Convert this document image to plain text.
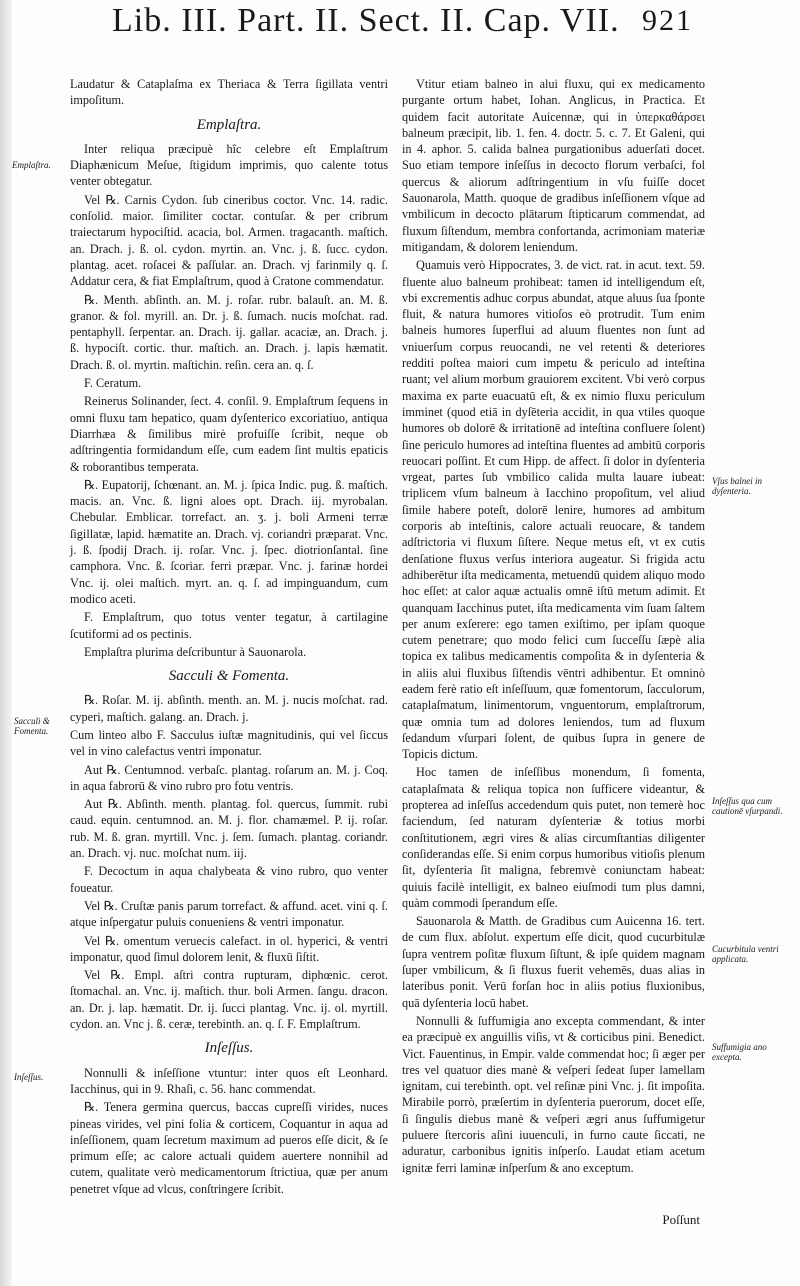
Lib. III. Part. II. Sect. II. Cap. VII. 921

Laudatur & Cataplaſma ex Theriaca & Terra ſigillata ventri impoſitum.

Emplaſtra.

Inter reliqua præcipuè hîc celebre eſt Emplaſtrum Diaphænicum Meſue, ſtigidum imprimis, quo calente totus venter obtegatur.

Vel ℞. Carnis Cydon. ſub cineribus coctor. Vnc. 14. radic. conſolid. maior. ſimiliter coctar. contuſar. & per cribrum traiectarum hypociſtid. acacia, bol. Armen. tragacanth. maſtich. an. Drach. j. ß. ol. cydon. myrtin. an. Vnc. j. ß. ſucc. cydon. plantag. acet. roſacei & paſſular. an. Drach. vj farinmily q. ſ. Addatur cera, & fiat Emplaſtrum, quod à Cratone commendatur.

℞. Menth. abſinth. an. M. j. roſar. rubr. balauſt. an. M. ß. granor. & fol. myrill. an. Dr. j. ß. ſumach. nucis moſchat. rad. pentaphyll. ſerpentar. an. Drach. ij. gallar. acaciæ, an. Drach. j. ß. hypociſt. cortic. thur. maſtich. an. Drach. j. lapis hæmatit. Drach. ß. ol. myrtin. maſtichin. reſin. cera an. q. ſ.

F. Ceratum.

Reinerus Solinander, ſect. 4. conſil. 9. Emplaſtrum ſequens in omni fluxu tam hepatico, quam dyſenterico excoriatiuo, antiqua Diarrhæa & ſimilibus mirè profuiſſe ſcribit, neque ob adſtringentia formidandum eſſe, cum eadem ſint multis epaticis & roborantibus temperata.

℞. Eupatorij, ſchœnant. an. M. j. ſpica Indic. pug. ß. maſtich. macis. an. Vnc. ß. ligni aloes opt. Drach. iij. myrobalan. Chebular. Emblicar. torrefact. an. ʒ. j. boli Armeni terræ ſigillatæ, lapid. hæmatite an. Drach. vj. coriandri præparat. Vnc. j. ß. ſpodij Drach. ij. roſar. Vnc. j. ſpec. diotrionſantal. ſine camphora. Vnc. ß. ſcoriar. ferri præpar. Vnc. j. farinæ hordei Vnc. ij. olei maſtich. myrt. an. q. ſ. ad impinguandum, cum modico aceti.

F. Emplaſtrum, quo totus venter tegatur, à cartilagine ſcutiformi ad os pectinis.

Emplaſtra plurima deſcribuntur à Sauonarola.

Sacculi & Fomenta.

℞. Roſar. M. ij. abſinth. menth. an. M. j. nucis moſchat. rad. cyperi, maſtich. galang. an. Drach. j.

Cum linteo albo F. Sacculus iuſtæ magnitudinis, qui vel ſiccus vel in vino calefactus ventri imponatur.

Aut ℞. Centumnod. verbaſc. plantag. roſarum an. M. j. Coq. in aqua fabrorū & vino rubro pro fotu ventris.

Aut ℞. Abſinth. menth. plantag. fol. quercus, ſummit. rubi caud. equin. centumnod. an. M. j. flor. chamæmel. P. ij. roſar. rub. M. ß. gran. myrtill. Vnc. j. ſem. ſumach. plantag. coriandr. an. Drach. vj. nuc. moſchat num. iij.

F. Decoctum in aqua chalybeata & vino rubro, quo venter foueatur.

Vel ℞. Cruſtæ panis parum torrefact. & affund. acet. vini q. ſ. atque inſpergatur puluis conueniens & ventri imponatur.

Vel ℞. omentum veruecis calefact. in ol. hyperici, & ventri imponatur, quod ſimul dolorem lenit, & fluxū ſiſtit.

Vel ℞. Empl. aſtri contra rupturam, diphœnic. cerot. ſtomachal. an. Vnc. ij. maſtich. thur. boli Armen. ſangu. dracon. an. Dr. j. lap. hæmatit. Dr. ij. ſucci plantag. Vnc. ij. ol. myrtill. cydon. an. Vnc j. ß. ceræ, terebinth. an. q. ſ. F. Emplaſtrum.

Inſeſſus.

Nonnulli & inſeſſione vtuntur: inter quos eſt Leonhard. Iacchinus, qui in 9. Rhaſi, c. 56. hanc commendat.

℞. Tenera germina quercus, baccas cupreſſi virides, nuces pineas virides, vel pini folia & corticem, Coquantur in aqua ad inſeſſionem, quam ſecretum maximum ad pueros eſſe dicit, & ſe primum eſſe; ac calore actuali quidem auertere nonnihil ad cutem, qualitate verò medicamentorum ſtrictiua, quæ per anum penetret vſque ad vlcus, conſtringere ſcribit.

Vtitur etiam balneo in alui fluxu, qui ex medicamento purgante ortum habet, Iohan. Anglicus, in Practica. Et quidem facit autoritate Auicennæ, qui in ὑπερκαθάρσει balneum præcipit, lib. 1. fen. 4. doctr. 5. c. 7. Et Galeni, qui in 4. aphor. 5. calida balnea purgationibus aduerſati docet. Suo etiam tempore inſeſſus in decocto florum verbaſci, fol quercus & aliorum adſtringentium in vſu fuiſſe docet Sauonarola, Matth. quoque de gradibus inſeſſionem vſque ad vmbilicum in decocto plātarum ſtipticarum commendat, ad fluxum ſiſtendum, membra confortanda, acrimoniam materiæ mitigandam, & dolorem leniendum.

Quamuis verò Hippocrates, 3. de vict. rat. in acut. text. 59. fluente aluo balneum prohibeat: tamen id intelligendum eſt, vbi excrementis adhuc corpus abundat, atque aluus ſua ſponte fluit, & natura humores vitioſos eò protrudit. Tum enim balneis humores ſuperflui ad aluum fluentes non ſunt ad vniuerſum corpus reuocandi, ne vel retenti & deteriores redditi poſtea maiori cum impetu & periculo ad inteſtina ruant; vel alium morbum grauiorem excitent. Vbi verò corpus maxima ex parte euacuatū eſt, & ex nimio fluxu periculum imminet (quod etiā in dyſēteria accidit, in qua vtiles quoque humores ob dolorē & irritationē ad inteſtina confluere ſolent) ſine periculo humores ad inteſtina fluentes ad ambitū corporis reuocari poſſint. Et cum Hipp. de affect. ſi dolor in dyſenteria vrgeat, partes ſub vmbilico calida multa lauare iubeat: triplicem vſum balneum à Iacchino propoſitum, vel aliud ſimile habere poteſt, dolorē lenire, humores ad ambitum corporis ab inteſtinis, calore actuali reuocare, & tandem adſtrictoria vi fluxum ſiſtere. Neque metus eſt, vt ex cutis denſatione fluxus verſus interiora augeatur. Si frigida actu adhiberētur iſta medicamenta, metuendū quidem aliquo modo hoc eſſet: at calor aquæ actualis omnē iſtū metum adimit. Et quanquam Iacchinus putet, iſta medicamenta vim ſuam ſaltem per anum exſerere: ego tamen exiſtimo, per ipſam quoque cutem penetrare; quo modo felici cum ſucceſſu ſæpè alia topica ex talibus medicamentis compoſita & in dyſenteria & in aliis alui fluxibus ſiſtendis vēntri adhibentur. Et omninò eadem ferè ratio eſt inſeſſuum, quæ fomentorum, ſacculorum, cataplaſmatum, linimentorum, vnguentorum, emplaſtrorum, quæ omnia tum ad dolores leniendos, tum ad fluxum ſedandum vſurpari ſolent, de quibus ſupra in genere de Topicis dictum.

Hoc tamen de inſeſſibus monendum, ſi fomenta, cataplaſmata & reliqua topica non ſufficere videantur, & propterea ad inſeſſus accedendum quis putet, non temerè hoc faciendum, ſed naturam dyſenteriæ & totius morbi conſtitutionem, ægri vires & alias circumſtantias diligenter conſiderandas eſſe. Si enim corpus humoribus vitioſis plenum ſit, dyſenteria ſit maligna, febremvè coniunctam habeat: quiuis facilè intelligit, ex balneo eiuſmodi tum plus damni, quàm commodi ſperandum eſſe.

Sauonarola & Matth. de Gradibus cum Auicenna 16. tert. de cum flux. abſolut. expertum eſſe dicit, quod cucurbitulæ ſupra ventrem poſitæ fluxum ſiſtunt, & ipſe quidem magnam ſuper vmbilicum, & ſi fluxus fuerit vehemēs, duas alias in lateribus ponit. Verū forſan hoc in aliis potius fluxionibus, quā dyſenteria locū habet.

Nonnulli & ſuffumigia ano excepta commendant, & inter ea præcipuè ex anguillis viſis, vt & corticibus pini. Benedict. Vict. Fauentinus, in Empir. valde commendat hoc; ſi æger per tres vel quatuor dies manè & veſperi ſedeat ſuper lamellam ignitam, cui terebinth. opt. vel reſinæ pini Vnc. j. ſit impoſita. Mirabile porrò, præſertim in dyſenteria puerorum, docet eſſe, ſi ſingulis diebus manè & veſperi ægri anus ſuffumigetur puluere ſtercoris aſini iuuenculi, in furno caute ſiccati, ne aduratur, carbonibus ignitis inſperſo. Laudat etiam acetum ignitæ ferri laminæ inſperſum & ano exceptum.

Emplaſtra.
Sacculi & Fomenta.
Inſeſſus.
Vſus balnei in dyſenteria.
Inſeſſus qua cum cautionē vſurpandi.
Cucurbitula ventri applicata.
Suffumigia ano excepta.
Poſſunt
